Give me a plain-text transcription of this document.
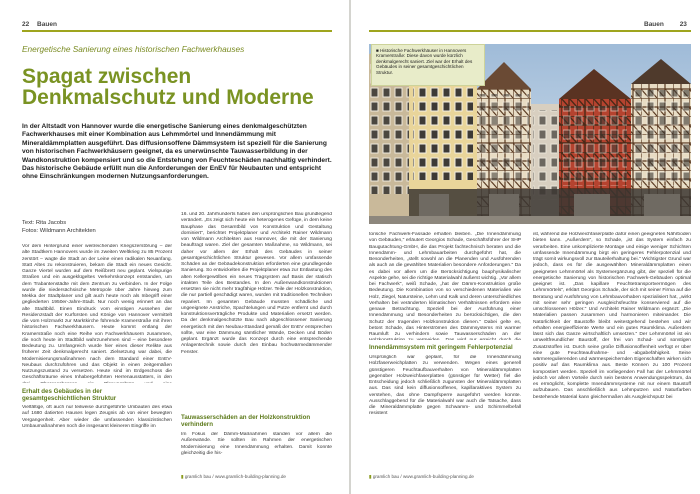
22 Bauen
Energetische Sanierung eines historischen Fachwerkhauses
Spagat zwischen
Denkmalschutz und Moderne
In der Altstadt von Hannover wurde die energetische Sanierung eines denkmalgeschützten Fachwerkhauses mit einer Kombination aus Lehmmörtel und Innendämmung mit Mineraldämmplatten ausgeführt. Das diffusionsoffene Dämmsystem ist speziell für die Sanierung von historischen Fachwerkhäusern geeignet, da es unerwünschte Tauwasserbildung in der Wandkonstruktion kompensiert und so die Entstehung von Feuchteschäden nachhaltig verhindert. Das historische Gebäude erfüllt nun die Anforderungen der EnEV für Neubauten und entspricht ohne Einschränkungen modernen Nutzungsanforderungen.
Text: Rita Jacobs
Fotos: Wildmann Architekten
Vor dem Hintergrund einer weitreichenden Kriegszerstörung – der alte Stadtkern Hannovers wurde im zweiten Weltkrieg zu 85 Prozent zerstört – wagte die Stadt an der Leine einen radikalen Neuanfang. Statt Altes zu rekonstruieren, bekam die Stadt ein neues Gesicht. Ganze Viertel wurden auf dem Reißbrett neu geplant. Vielspurige Straßen und ein ausgeklügeltes Verkehrskonzept entstanden, um dem Trabantenstädte mit dem Zentrum zu verbinden. In der Folge wurde die niedersächsische Metropole über Jahre hinweg zum Mekka der Stadtplaner und gilt auch heute noch als Inbegriff einer gegliederten 1950er-Jahre-Stadt. Nur noch wenig erinnert an das alte Stadtbild. Einen Eindruck vom einstigen Aussehen der Residenzstadt der Kurfürsten und Könige von Hannover vermittelt die vom Holzmarkt zur Marktkirche führende Kramerstraße mit ihren historischen Fachwerkhäusern. Heute kommt entlang der Kramerstraße noch eine Reihe von Fachwerkhäusern zusammen, die noch heute im Stadtbild wahrzunehmen sind – eine besondere Bedeutung zu. Umfangreich wurde hier eines dieser Relikte aus früherer Zeit denkmalgerecht saniert. Zielsetzung war dabei, die Modernisierungsmaßnahmen nach dem Standard einer EnEV-Neubaus durchzuführen und das Objekt in einen zeitgemäßen Nutzungszustand zu versetzen. Heute sind im Erdgeschoss die Geschäftsräume eines Inhabergeführten Herrenausstatters, in den
Erhalt des Gebäudes in der gesamtgeschichtlichen Struktur
Vielfältige, oft auch nur teilweise durchgeführte Umbauten des etwa auf 1680 datierten Hauses legen Zeugnis ab von einer bewegten Vergangenheit. Aber wieder die umfassenden klassizistischen Umbaumaßnahmen noch die insgesamt kleineren Eingriffe im
16. und 20. Jahrhunderts haben den ursprünglichen Bau grundlegend verändert. „Es zeigt sich heute ein heterogenes Gefüge, in dem keine Bauphase das Gesamtbild von Konstruktion und Gestaltung dominiert", berichtet Projektplaner und Architekt Rainer Wildmann von Wildmann Architekten aus Hannover, die mit der Sanierung beauftragt waren. Ziel der gesamten Maßnahme, so Wildmann, sei daher vor allem der Erhalt des Gebäudes in seiner gesamtgeschichtlichen Struktur gewesen. Vor allem umfassende Schäden an der Gebäudekonstruktion erforderten eine grundlegende Sanierung. So entwickelten die Projektplaner etwa zur Entlastung des alten Kellergewölbes ein neues Tragsystem auf Basis der statisch intakten Teile des Bestandes. In den Außenwandkonstruktionen ersetzten sie nicht mehr tragfähige Hölzer. Teile der Holzkonstruktion, die nur partiell geschädigt waren, wurden mit traditionellen Techniken repariert. Im gesamten Gebäude mussten schädliche und ungeeignete Anstriche, Spachtelungen und Putze entfernt und durch konstruktionsverträgliche Produkte und Materialien ersetzt werden. Da der denkmalgeschützte Bau nach abgeschlossener Sanierung energetisch mit den Neubau-Standard gemäß der EnEV entsprechen sollte, war eine Dämmung sämtlicher Wände, Decken und Böden geplant. Ergänzt wurde das Konzept durch eine entsprechende Anlagentechnik sowie durch den Einbau hochwärmedämmender Fenster.
Tauwasserschäden an der Holzkonstruktion verhindern
Im Fokus der Dämm-Maßnahmen standen vor allem die Außenwände. Sie sollten im Rahmen der energetischen Modernisierung eine Innendämmung erhalten. Damit konnte gleichzeitig die his-
▮ gramlich bau / www.gramlich-building-planning.de
Bauen 23
■ Historische Fachwerkhäuser in Hannovers Kramerstraße: Diese davon wurde kürzlich denkmalgerecht saniert. Ziel war der Erhalt des Gebäudes in seiner gesamtgeschichtlichen Struktur.
torische Fachwerk-Fassade erhalten bleiben. „Die Innendämmung von Gebäuden," erläutert Georgios Schade, Geschäftsführer der SHP Baugutachtung-GmbH, die das Projekt fachtechnisch beraten und die Innendämm- und Lehmbauarbeiten durchgeführt hat, die Besonderheiten, „stellt sowohl an die Planenden und Ausführenden als auch an die gewählten Materialien besondere Anforderungen." Da es dabei vor allem um die Berücksichtigung bauphysikalischer Aspekte gehe, sei die richtige Materialwahl äußerst wichtig. „Vor allem bei Fachwerk", weiß Schade, „hat der Dämm-Konstruktion große Bedeutung. Die Kombination von so verschiedenen Materialien wie Holz, Ziegel, Natursteine, Lehm und Kalk und deren unterschiedliches Verhalten bei veränderten klimatischen Verhältnissen erfordern eine genaue Betrachtung. Speziell bei der Ausführung einer Innendämmung und Besonderheiten zu berücksichtigen, die den Schutz der tragenden Holzkonstruktion dienen." Dabei gelte es, betont Schade, das Hinterströmen des Dämmsystems mit warmer Raumluft zu verhindern sowie Tauwasserschäden an der
Innendämmsystem mit geringem Fehlerpotenzial
Ursprünglich war geplant, für die Innendämmung Holzfaserweichplatten zu verwenden. Wegen eines generell günstigeren Feuchtaufbauverhalten von Mineraldämmplatten gegenüber Holzweichfaserplatten (günstiger für Wetter) fiel die Entscheidung jedoch schließlich zugunsten der Mineraldämmplatten aus. Das sind kein diffusionsoffenes, kapillaraktives System zu verstehen, das ohne Dampfsperre ausgeführt werden konnte. Ausschlaggebend für die Materialwahl war auch die Tatsache, dass die Mineraldämmplatte gegen Schwamm- und Schimmelbefall resistent
ist, während die Holzweichfaserplatte dafür einen geeigneten Nährboden bieten kann. „Außerdem", so Schade, „ist das System einfach zu verarbeiten. Eine unkomplizierte Montage und einige weniger Schichten umfassende Innendämmung birgt ein geringeres Fehlerpotenzial und trägt somit wirkungsvoll zur Bauteilerhaltung bei." Wichtigster Grund war jedoch, dass es für die ausgewählten Mineraldämmplatten einen geeigneten Lehmmörtel als Systemergänzung gibt, der speziell für die energetische Sanierung von historischen Fachwerk-Gebäuden optimal geeignet ist. „Das kapillare Feuchtetransportvermögen des Lehmmörtels", erklärt Georgios Schade, der sich mit seiner Firma auf die Beratung und Ausführung von Lehmbauvorhaben spezialisiert hat, „wirkt mit seiner sehr geringen Ausgleichsfeuchte konserviered auf die umschlossenen Hölzer." Und Architekt Rainer Wildmann ergänzt: „Die Materialien passen zusammen und harmonieren miteinander. Die Natürlichkeit der Baustoffe bleibt weitestgehend bestehen und wir erhalten energieeffiziente Werte und ein gutes Raumklima. Außerdem lässt sich das Ganze wirtschaftlich umsetzen." Der Lehmmörtel ist ein umweltfreundlicher Baustoff, der frei von Schad- und sonstigen Zusatzstoffen ist. Durch seine große Diffusionsoffenheit verfügt er über eine gute Feuchteaufnahme- und -abgabefähigkeit. Seine wärmeregulierenden und wärmespeichernden Eigenschaften wirken sich positiv auf das Raumklima aus. Beste Können zu 100 Prozent kompostiert werden. Speziell im vorliegenden Fall hat der Lehmmörtel jedoch vor allem Vorteile durch sein bestens Anwendungsspektrum, da es ermöglicht, komplette Innendämmsysteme mit nur einem Baustoff aufzubauen. Das anschließlich aus Lehmputzen und Naturfarben bestehende Material kann gleichermaßen als Ausgleichsputz bei
▮ gramlich bau / www.gramlich-building-planning.de
